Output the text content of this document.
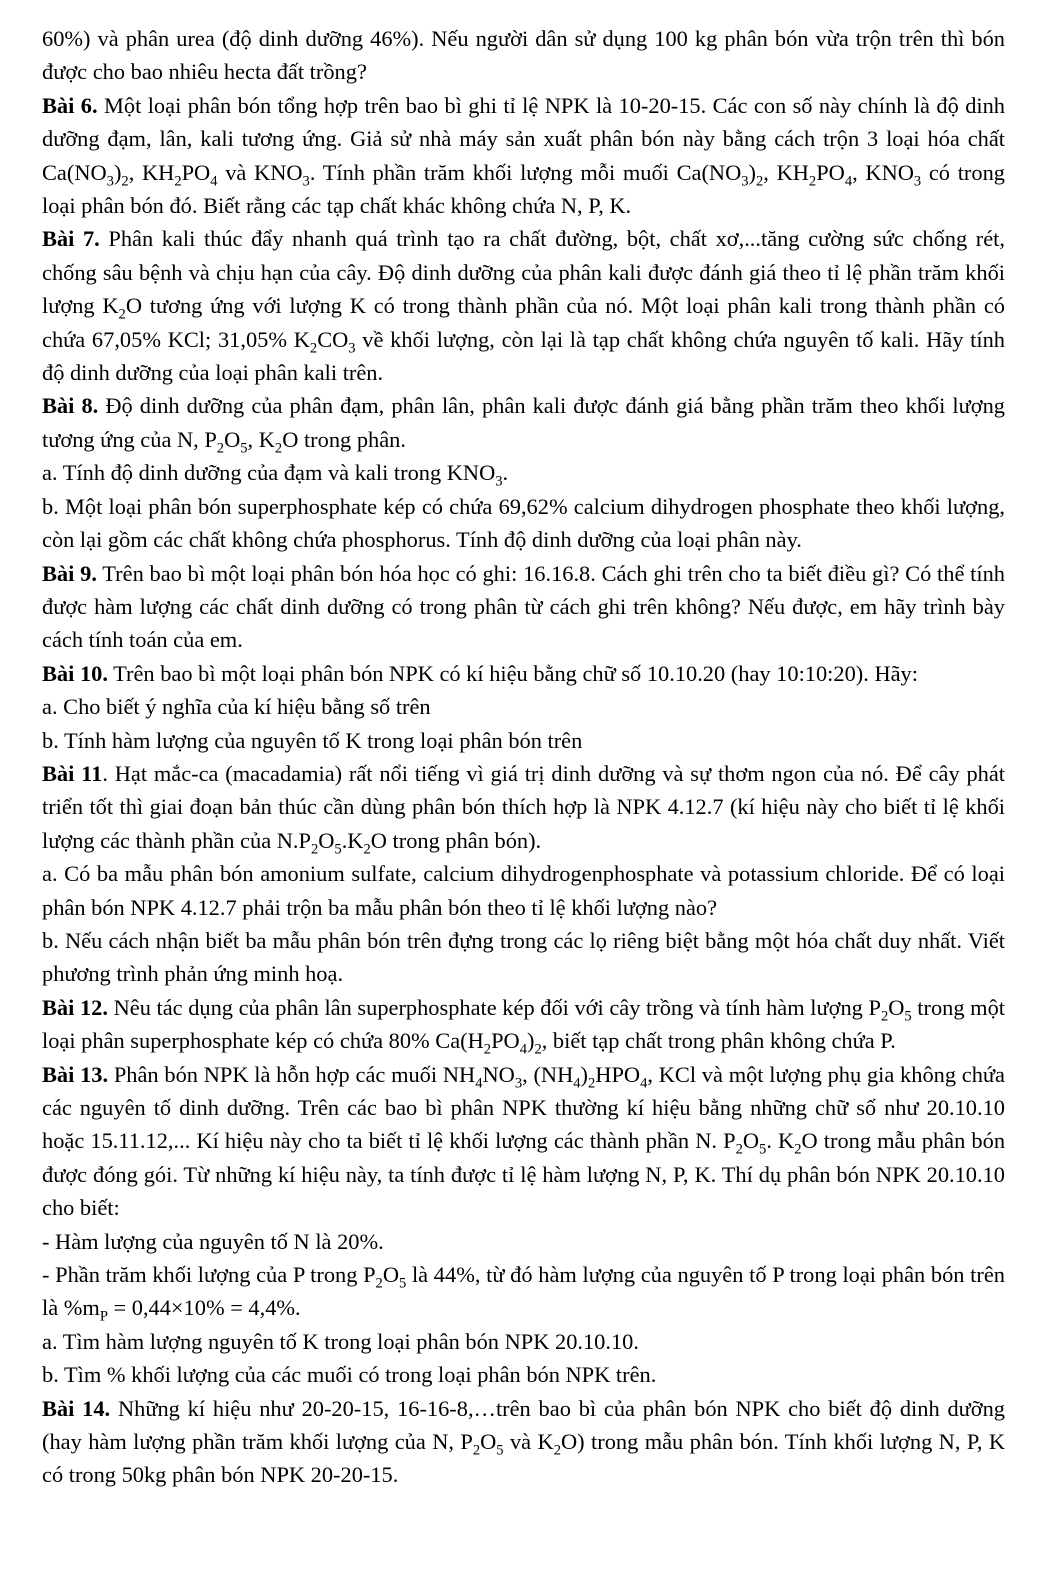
60%) và phân urea (độ dinh dưỡng 46%). Nếu người dân sử dụng 100 kg phân bón vừa trộn trên thì bón được cho bao nhiêu hecta đất trồng?

Bài 6. Một loại phân bón tổng hợp trên bao bì ghi tỉ lệ NPK là 10-20-15. Các con số này chính là độ dinh dưỡng đạm, lân, kali tương ứng. Giả sử nhà máy sản xuất phân bón này bằng cách trộn 3 loại hóa chất $Ca(NO_3)_2$, $KH_2PO_4$ và $KNO_3$. Tính phần trăm khối lượng mỗi muối $Ca(NO_3)_2$, $KH_2PO_4$, $KNO_3$ có trong loại phân bón đó. Biết rằng các tạp chất khác không chứa N, P, K.

Bài 7. Phân kali thúc đẩy nhanh quá trình tạo ra chất đường, bột, chất xơ,...tăng cường sức chống rét, chống sâu bệnh và chịu hạn của cây. Độ dinh dưỡng của phân kali được đánh giá theo tỉ lệ phần trăm khối lượng $K_2O$ tương ứng với lượng K có trong thành phần của nó. Một loại phân kali trong thành phần có chứa 67,05% KCl; 31,05% $K_2CO_3$ về khối lượng, còn lại là tạp chất không chứa nguyên tố kali. Hãy tính độ dinh dưỡng của loại phân kali trên.

Bài 8. Độ dinh dưỡng của phân đạm, phân lân, phân kali được đánh giá bằng phần trăm theo khối lượng tương ứng của N, $P_2O_5$, $K_2O$ trong phân.

a. Tính độ dinh dưỡng của đạm và kali trong $KNO_3$.

b. Một loại phân bón superphosphate kép có chứa 69,62% calcium dihydrogen phosphate theo khối lượng, còn lại gồm các chất không chứa phosphorus. Tính độ dinh dưỡng của loại phân này.

Bài 9. Trên bao bì một loại phân bón hóa học có ghi: 16.16.8. Cách ghi trên cho ta biết điều gì? Có thể tính được hàm lượng các chất dinh dưỡng có trong phân từ cách ghi trên không? Nếu được, em hãy trình bày cách tính toán của em.

Bài 10. Trên bao bì một loại phân bón NPK có kí hiệu bằng chữ số 10.10.20 (hay 10:10:20). Hãy:

a. Cho biết ý nghĩa của kí hiệu bằng số trên

b. Tính hàm lượng của nguyên tố K trong loại phân bón trên

Bài 11. Hạt mắc-ca (macadamia) rất nổi tiếng vì giá trị dinh dưỡng và sự thơm ngon của nó. Để cây phát triển tốt thì giai đoạn bản thúc cần dùng phân bón thích hợp là NPK 4.12.7 (kí hiệu này cho biết tỉ lệ khối lượng các thành phần của $N.P_2O_5.K_2O$ trong phân bón).

a. Có ba mẫu phân bón amonium sulfate, calcium dihydrogenphosphate và potassium chloride. Để có loại phân bón NPK 4.12.7 phải trộn ba mẫu phân bón theo tỉ lệ khối lượng nào?

b. Nếu cách nhận biết ba mẫu phân bón trên đựng trong các lọ riêng biệt bằng một hóa chất duy nhất. Viết phương trình phản ứng minh hoạ.

Bài 12. Nêu tác dụng của phân lân superphosphate kép đối với cây trồng và tính hàm lượng $P_2O_5$ trong một loại phân superphosphate kép có chứa 80% $Ca(H_2PO_4)_2$, biết tạp chất trong phân không chứa P.

Bài 13. Phân bón NPK là hỗn hợp các muối $NH_4NO_3$, $(NH_4)_2HPO_4$, KCl và một lượng phụ gia không chứa các nguyên tố dinh dưỡng. Trên các bao bì phân NPK thường kí hiệu bằng những chữ số như 20.10.10 hoặc 15.11.12,... Kí hiệu này cho ta biết tỉ lệ khối lượng các thành phần N. $P_2O_5$. $K_2O$ trong mẫu phân bón được đóng gói. Từ những kí hiệu này, ta tính được tỉ lệ hàm lượng N, P, K. Thí dụ phân bón NPK 20.10.10 cho biết:

- Hàm lượng của nguyên tố N là 20%.

- Phần trăm khối lượng của P trong $P_2O_5$ là 44%, từ đó hàm lượng của nguyên tố P trong loại phân bón trên là $\%m_P = 0,44\times 10\% = 4,4\%$.

a. Tìm hàm lượng nguyên tố K trong loại phân bón NPK 20.10.10.

b. Tìm % khối lượng của các muối có trong loại phân bón NPK trên.

Bài 14. Những kí hiệu như 20-20-15, 16-16-8,…trên bao bì của phân bón NPK cho biết độ dinh dưỡng (hay hàm lượng phần trăm khối lượng của N, $P_2O_5$ và $K_2O$) trong mẫu phân bón. Tính khối lượng N, P, K có trong 50kg phân bón NPK 20-20-15.
